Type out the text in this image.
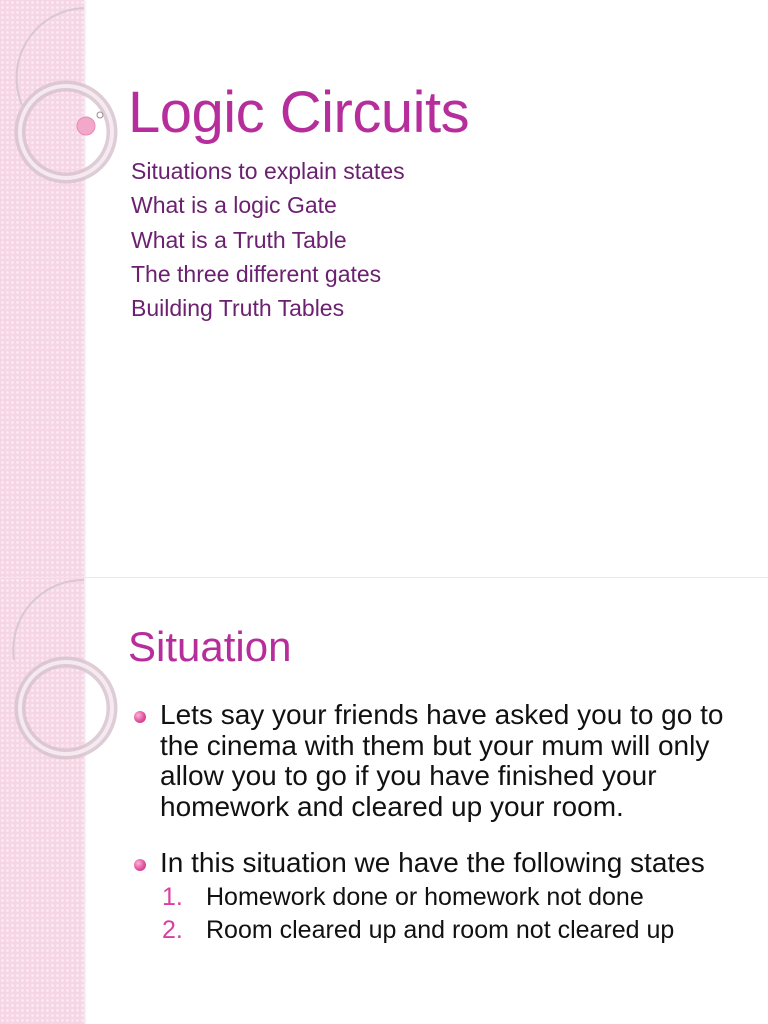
Logic Circuits
Situations to explain states
What is a logic Gate
What is a Truth Table
The three different gates
Building Truth Tables
Situation
Lets say your friends have asked you to go to the cinema with them but your mum will only allow you to go if you have finished your homework and cleared up your room.
In this situation we have the following states
1. Homework done or homework not done
2. Room cleared up and room not cleared up
